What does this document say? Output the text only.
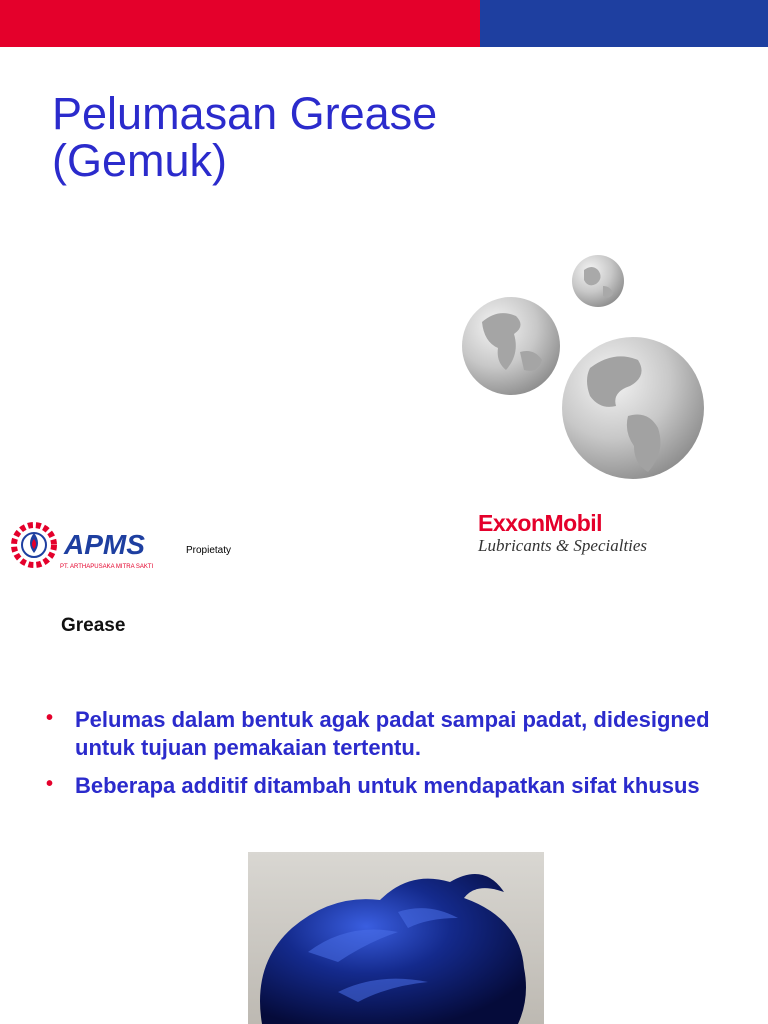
Pelumasan Grease
(Gemuk)
APMS
PT. ARTHAPUSAKA MITRA SAKTI
Propietaty
ExxonMobil
Lubricants & Specialties
Grease
• Pelumas dalam bentuk agak padat sampai padat, didesigned untuk tujuan pemakaian tertentu.
• Beberapa additif ditambah untuk mendapatkan sifat khusus
